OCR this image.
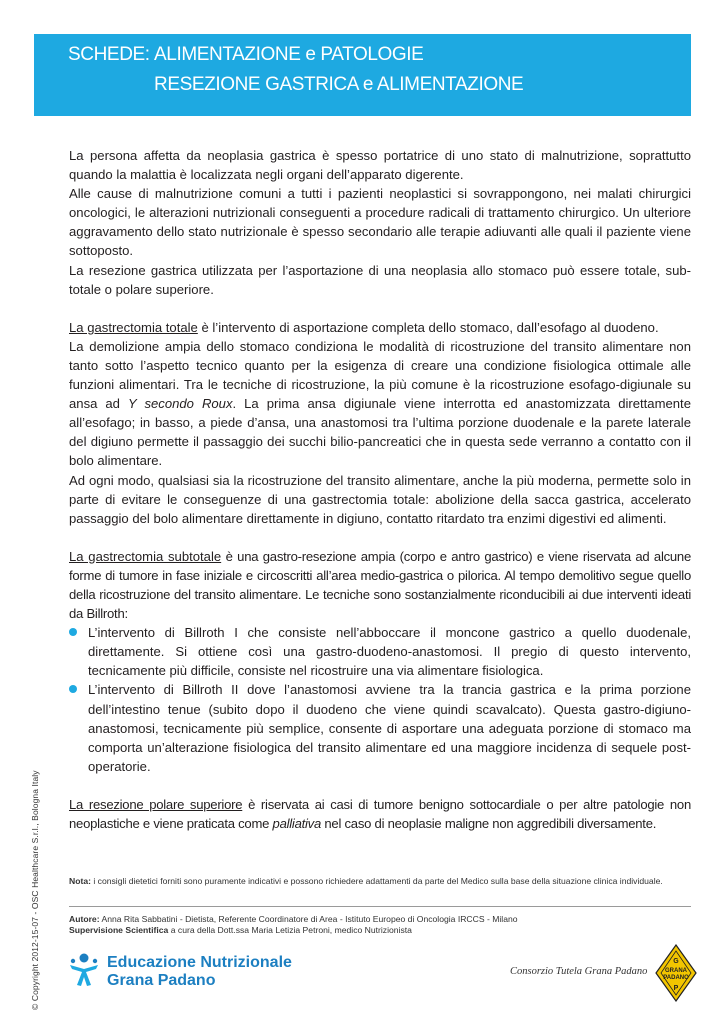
SCHEDE: ALIMENTAZIONE e PATOLOGIE
RESEZIONE GASTRICA e ALIMENTAZIONE

La persona affetta da neoplasia gastrica è spesso portatrice di uno stato di malnutrizione, soprattutto quando la malattia è localizzata negli organi dell’apparato digerente.

Alle cause di malnutrizione comuni a tutti i pazienti neoplastici si sovrappongono, nei malati chirurgici oncologici, le alterazioni nutrizionali conseguenti a procedure radicali di trattamento chirurgico. Un ulteriore aggravamento dello stato nutrizionale è spesso secondario alle terapie adiuvanti alle quali il paziente viene sottoposto.

La resezione gastrica utilizzata per l’asportazione di una neoplasia allo stomaco può essere totale, sub-totale o polare superiore.

La gastrectomia totale è l’intervento di asportazione completa dello stomaco, dall’esofago al duodeno.

La demolizione ampia dello stomaco condiziona le modalità di ricostruzione del transito alimentare non tanto sotto l’aspetto tecnico quanto per la esigenza di creare una condizione fisiologica ottimale alle funzioni alimentari. Tra le tecniche di ricostruzione, la più comune è la ricostruzione esofago-digiunale su ansa ad Y secondo Roux. La prima ansa digiunale viene interrotta ed anastomizzata direttamente all’esofago; in basso, a piede d’ansa, una anastomosi tra l’ultima porzione duodenale e la parete laterale del digiuno permette il passaggio dei succhi bilio-pancreatici che in questa sede verranno a contatto con il bolo alimentare.

Ad ogni modo, qualsiasi sia la ricostruzione del transito alimentare, anche la più moderna, permette solo in parte di evitare le conseguenze di una gastrectomia totale: abolizione della sacca gastrica, accelerato passaggio del bolo alimentare direttamente in digiuno, contatto ritardato tra enzimi digestivi ed alimenti.

La gastrectomia subtotale è una gastro-resezione ampia (corpo e antro gastrico) e viene riservata ad alcune forme di tumore in fase iniziale e circoscritti all’area medio-gastrica o pilorica. Al tempo demolitivo segue quello della ricostruzione del transito alimentare. Le tecniche sono sostanzialmente riconducibili ai due interventi ideati da Billroth:

L’intervento di Billroth I che consiste nell’abboccare il moncone gastrico a quello duodenale, direttamente. Si ottiene così una gastro-duodeno-anastomosi. Il pregio di questo intervento, tecnicamente più difficile, consiste nel ricostruire una via alimentare fisiologica.
L’intervento di Billroth II dove l’anastomosi avviene tra la trancia gastrica e la prima porzione dell’intestino tenue (subito dopo il duodeno che viene quindi scavalcato). Questa gastro-digiuno-anastomosi, tecnicamente più semplice, consente di asportare una adeguata porzione di stomaco ma comporta un’alterazione fisiologica del transito alimentare ed una maggiore incidenza di sequele post-operatorie.

La resezione polare superiore è riservata ai casi di tumore benigno sottocardiale o per altre patologie non neoplastiche e viene praticata come palliativa nel caso di neoplasie maligne non aggredibili diversamente.

© Copyright 2012-15-07 - OSC Healthcare S.r.l., Bologna Italy	Nota: i consigli dietetici forniti sono puramente indicativi e possono richiedere adattamenti da parte del Medico sulla base della situazione clinica individuale.
Autore: Anna Rita Sabbatini - Dietista, Referente Coordinatore di Area - Istituto Europeo di Oncologia IRCCS - Milano
Supervisione Scientifica a cura della Dott.ssa Maria Letizia Petroni, medico Nutrizionista
Educazione Nutrizionale
Grana Padano
Consorzio Tutela Grana Padano
G
GRANA
PADANO
P
